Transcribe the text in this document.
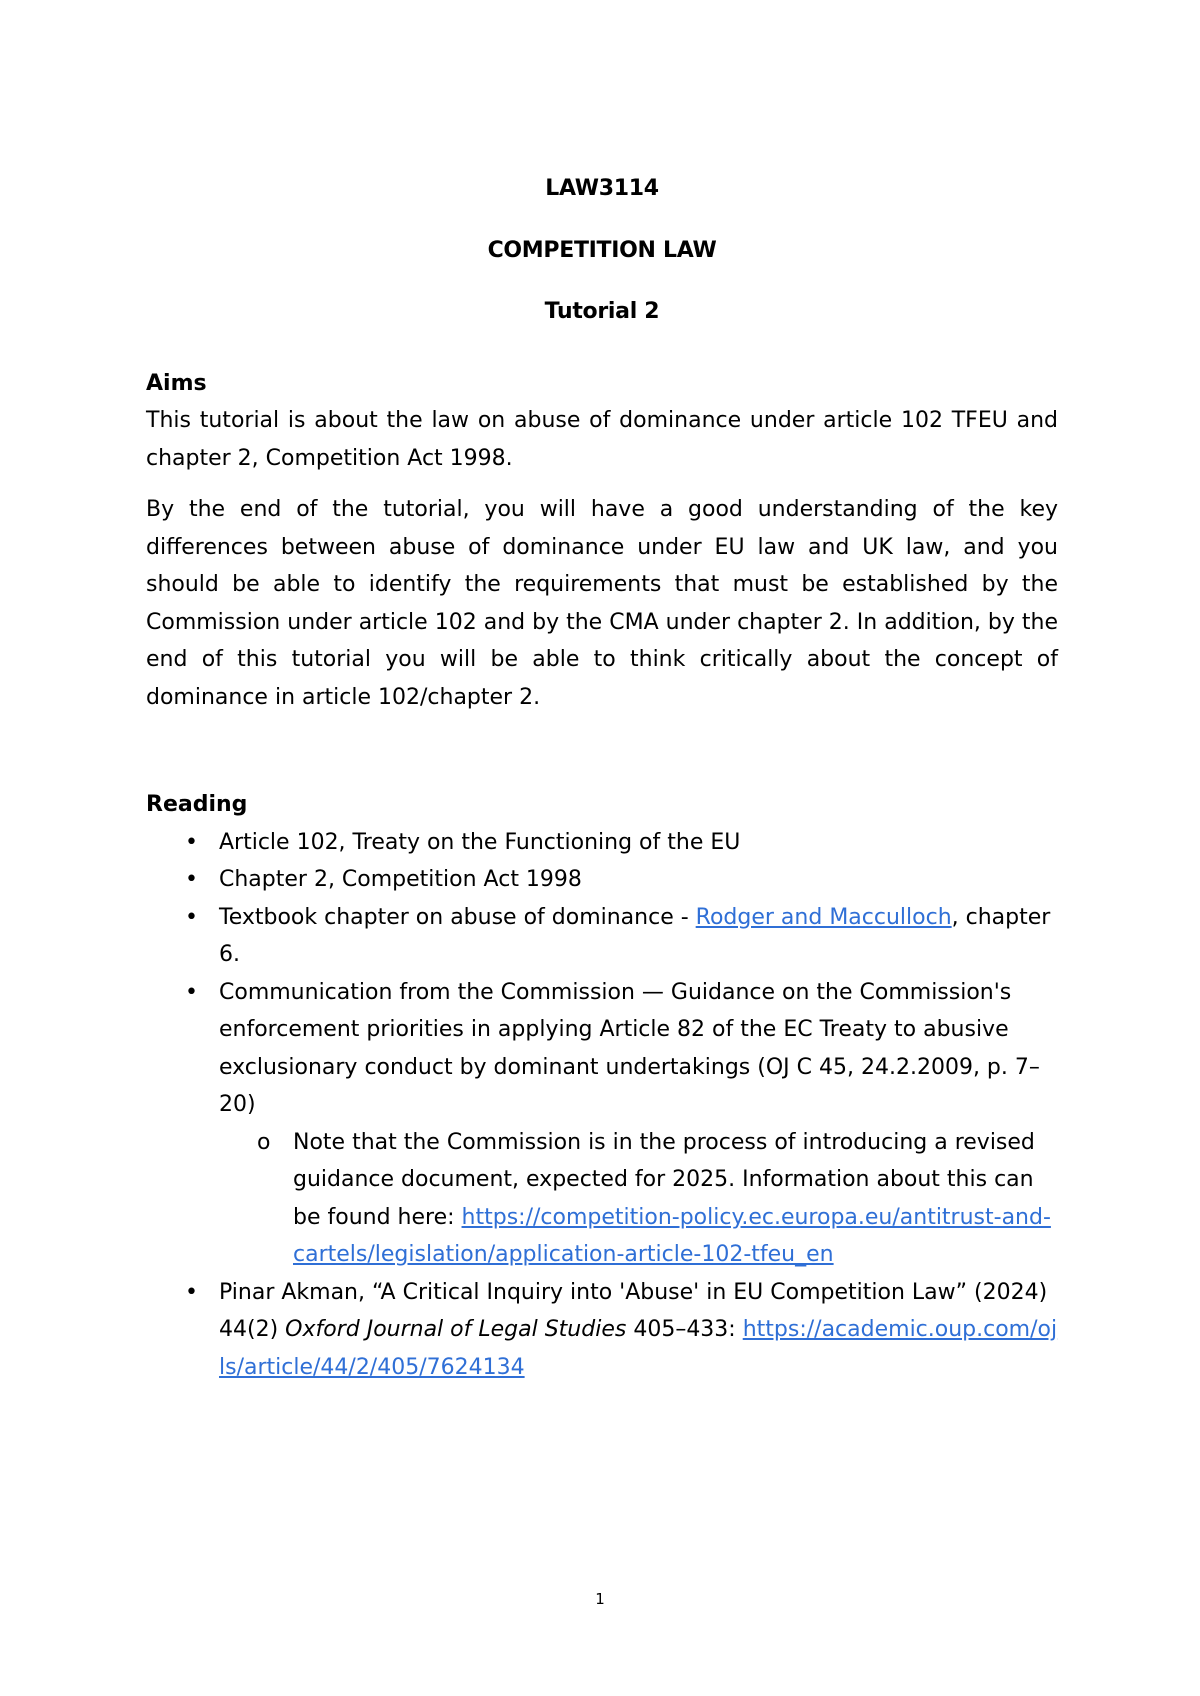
LAW3114
COMPETITION LAW
Tutorial 2
Aims

This tutorial is about the law on abuse of dominance under article 102 TFEU and chapter 2, Competition Act 1998.

By the end of the tutorial, you will have a good understanding of the key differences between abuse of dominance under EU law and UK law, and you should be able to identify the requirements that must be established by the Commission under article 102 and by the CMA under chapter 2. In addition, by the end of this tutorial you will be able to think critically about the concept of dominance in article 102/chapter 2.

Reading
• Article 102, Treaty on the Functioning of the EU
• Chapter 2, Competition Act 1998
• Textbook chapter on abuse of dominance - Rodger and Macculloch, chapter 6.
• Communication from the Commission — Guidance on the Commission's enforcement priorities in applying Article 82 of the EC Treaty to abusive exclusionary conduct by dominant undertakings (OJ C 45, 24.2.2009, p. 7–20)
o Note that the Commission is in the process of introducing a revised guidance document, expected for 2025. Information about this can be found here: https://competition-policy.ec.europa.eu/antitrust-and-cartels/legislation/application-article-102-tfeu_en
• Pinar Akman, “A Critical Inquiry into 'Abuse' in EU Competition Law” (2024) 44(2) Oxford Journal of Legal Studies 405–433: https://academic.oup.com/ojls/article/44/2/405/7624134
1
